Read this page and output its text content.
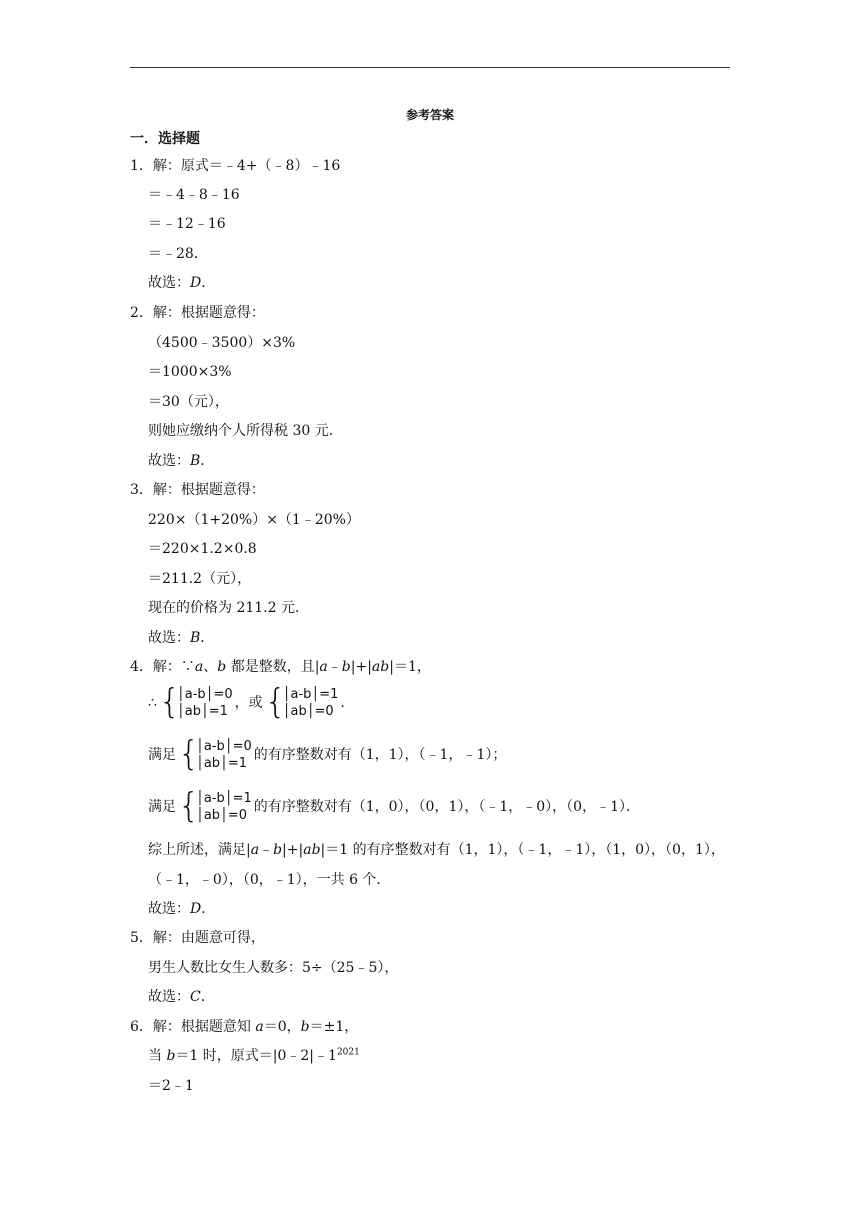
参考答案
一．选择题
1．解：原式＝﹣4+（﹣8）﹣16
＝﹣4﹣8﹣16
＝﹣12﹣16
＝﹣28．
故选：D．
2．解：根据题意得：
（4500﹣3500）×3%
＝1000×3%
＝30（元），
则她应缴纳个人所得税 30 元．
故选：B．
3．解：根据题意得：
220×（1+20%）×（1﹣20%）
＝220×1.2×0.8
＝211.2（元），
现在的价格为 211.2 元．
故选：B．
4．解：∵a、b 都是整数，且|a﹣b|+|ab|＝1，
∴ {
│a-b│=0
│ab│=1
，或 {
│a-b│=1
│ab│=0
.
满足 {
│a-b│=0
│ab│=1
的有序整数对有（1，1），（﹣1，﹣1）；
满足 {
│a-b│=1
│ab│=0
的有序整数对有（1，0），（0，1），（﹣1，﹣0），（0，﹣1）．
综上所述，满足|a﹣b|+|ab|＝1 的有序整数对有（1，1），（﹣1，﹣1），（1，0），（0，1），
（﹣1，﹣0），（0，﹣1），一共 6 个．
故选：D．
5．解：由题意可得，
男生人数比女生人数多：5÷（25﹣5），
故选：C．
6．解：根据题意知 a＝0，b＝±1，
当 b＝1 时，原式$=|0﹣2|﹣1^{2021}$
＝2﹣1
